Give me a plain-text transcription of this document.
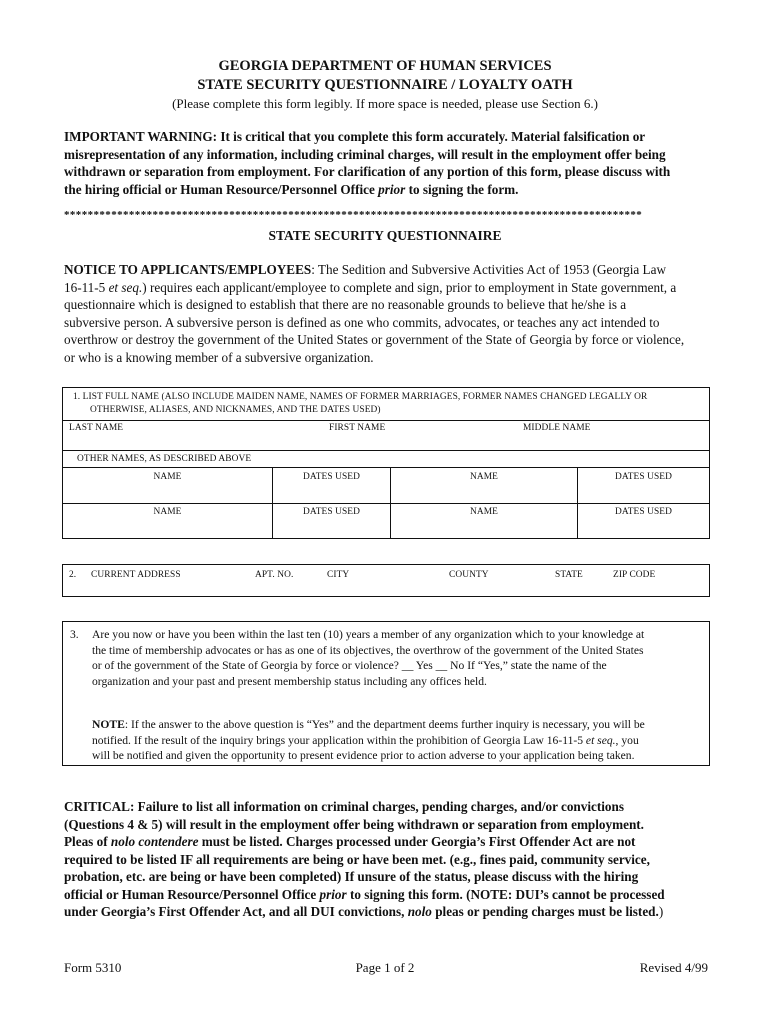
GEORGIA DEPARTMENT OF HUMAN SERVICES
STATE SECURITY QUESTIONNAIRE / LOYALTY OATH
(Please complete this form legibly. If more space is needed, please use Section 6.)
IMPORTANT WARNING: It is critical that you complete this form accurately. Material falsification or
misrepresentation of any information, including criminal charges, will result in the employment offer being
withdrawn or separation from employment. For clarification of any portion of this form, please discuss with
the hiring official or Human Resource/Personnel Office prior to signing the form.
**************************************************************************************************
STATE SECURITY QUESTIONNAIRE
NOTICE TO APPLICANTS/EMPLOYEES: The Sedition and Subversive Activities Act of 1953 (Georgia Law
16-11-5 et seq.) requires each applicant/employee to complete and sign, prior to employment in State government, a
questionnaire which is designed to establish that there are no reasonable grounds to believe that he/she is a
subversive person. A subversive person is defined as one who commits, advocates, or teaches any act intended to
overthrow or destroy the government of the United States or government of the State of Georgia by force or violence,
or who is a knowing member of a subversive organization.
1. LIST FULL NAME (ALSO INCLUDE MAIDEN NAME, NAMES OF FORMER MARRIAGES, FORMER NAMES CHANGED LEGALLY OR
OTHERWISE, ALIASES, AND NICKNAMES, AND THE DATES USED)
LAST NAME	FIRST NAME	MIDDLE NAME
OTHER NAMES, AS DESCRIBED ABOVE
NAME	DATES USED	NAME	DATES USED
NAME	DATES USED	NAME	DATES USED
2. CURRENT ADDRESS	APT. NO.	CITY	COUNTY	STATE	ZIP CODE
3. Are you now or have you been within the last ten (10) years a member of any organization which to your knowledge at
the time of membership advocates or has as one of its objectives, the overthrow of the government of the United States
or of the government of the State of Georgia by force or violence? __ Yes __ No If “Yes,” state the name of the
organization and your past and present membership status including any offices held.
NOTE: If the answer to the above question is “Yes” and the department deems further inquiry is necessary, you will be
notified. If the result of the inquiry brings your application within the prohibition of Georgia Law 16-11-5 et seq., you
will be notified and given the opportunity to present evidence prior to action adverse to your application being taken.
CRITICAL: Failure to list all information on criminal charges, pending charges, and/or convictions
(Questions 4 & 5) will result in the employment offer being withdrawn or separation from employment.
Pleas of nolo contendere must be listed. Charges processed under Georgia’s First Offender Act are not
required to be listed IF all requirements are being or have been met. (e.g., fines paid, community service,
probation, etc. are being or have been completed) If unsure of the status, please discuss with the hiring
official or Human Resource/Personnel Office prior to signing this form. (NOTE: DUI’s cannot be processed
under Georgia’s First Offender Act, and all DUI convictions, nolo pleas or pending charges must be listed.)
Form 5310	Page 1 of 2	Revised 4/99
